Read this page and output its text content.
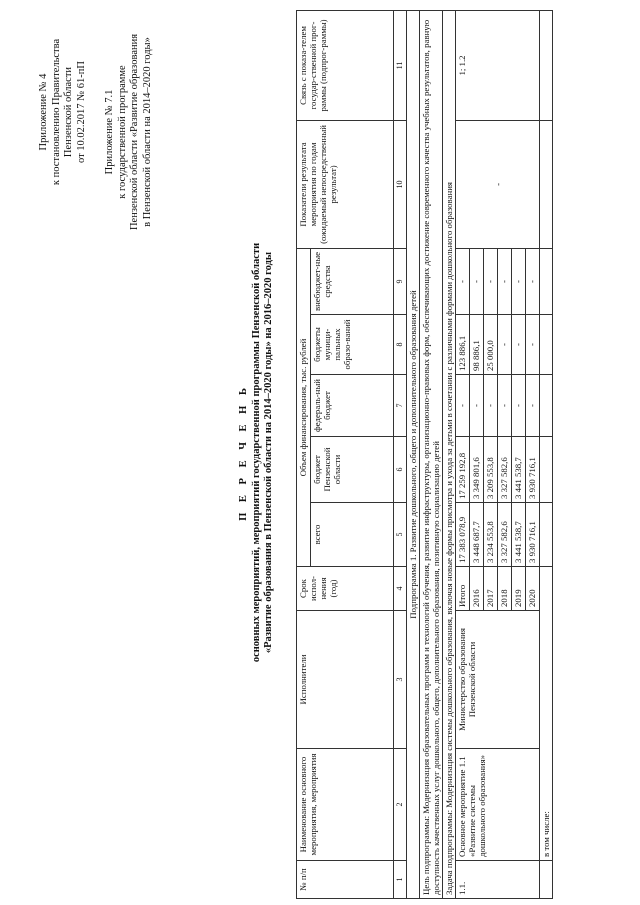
Приложение № 4 к постановлению Правительства Пензенской области от 10.02.2017 № 61-пП Приложение № 7.1 к государственной программе Пензенской области «Развитие образования в Пензенской области на 2014–2020 годы»
П Е Р Е Ч Е Н Ь основных мероприятий, мероприятий государственной программы Пензенской области «Развитие образования в Пензенской области на 2014–2020 годы» на 2016–2020 годы
№ п/п	Наименование основного мероприятия, мероприятия	Исполнители	Срок испол-нения (год)	Объем финансирования, тыс. рублей					Показатели результата мероприятия по годам (ожидаемый непосредственный результат)	Связь с показа-телем государ-ственной прог-раммы (подпрог-раммы)
				всего	бюджет Пензенской области	федераль-ный бюджет	бюджеты муници-пальных образо-ваний	внебюджет-ные средства		
1	2	3	4	5	6	7	8	9	10	11
Подпрограмма 1. Развитие дошкольного, общего и дополнительного образования детей										
Цель подпрограммы: Модернизация образовательных программ и технологий обучения, развитие инфраструктуры, организационно-правовых форм, обеспечивающих достижение современного качества учебных результатов, равную доступность качественных услуг дошкольного, общего, дополнительного образования, позитивную социализацию детей										
Задача подпрограммы: Модернизация системы дошкольного образования, включая новые формы присмотра и ухода за детьми в сочетании с различными формами дошкольного образования										
1.1.	Основное мероприятие 1.1 «Развитие системы дошкольного образования»	Министерство образования Пензенской области	Итого	17 383 078,9	17 259 192,8	-	123 886,1	-	-	1; 1.2
			2016	3 448 687,7	3 349 801,6	-	98 886,1	-		
			2017	3 234 553,8	3 209 553,8	-	25 000,0	-		
			2018	3 327 582,6	3 327 582,6	-	-	-		
			2019	3 441 538,7	3 441 538,7	-	-	-		
			2020	3 930 716,1	3 930 716,1	-	-	-		
	в том числе:									
